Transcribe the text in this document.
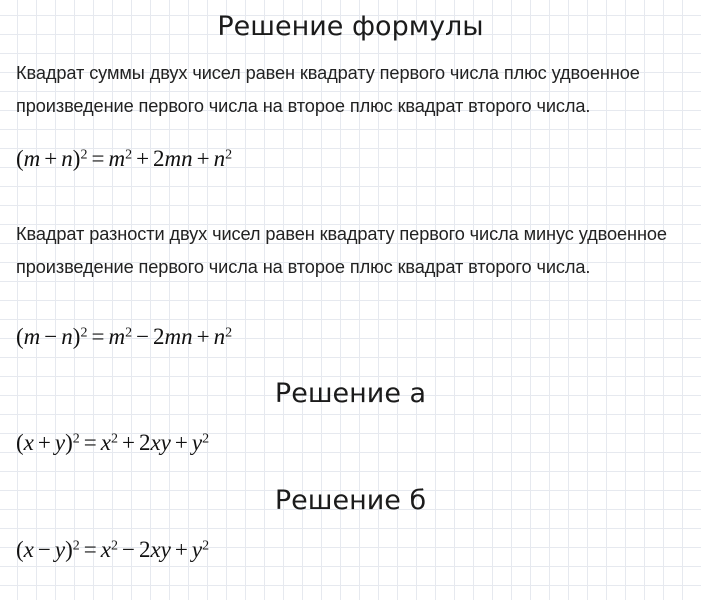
Решение формулы

Квадрат суммы двух чисел равен квадрату первого числа плюс удвоенное произведение первого числа на второе плюс квадрат второго числа.

$(m + n)^2 = m^2 + 2mn + n^2$

Квадрат разности двух чисел равен квадрату первого числа минус удвоенное произведение первого числа на второе плюс квадрат второго числа.

$(m - n)^2 = m^2 - 2mn + n^2$
Решение а
$(x + y)^2 = x^2 + 2xy + y^2$
Решение б
$(x - y)^2 = x^2 - 2xy + y^2$
